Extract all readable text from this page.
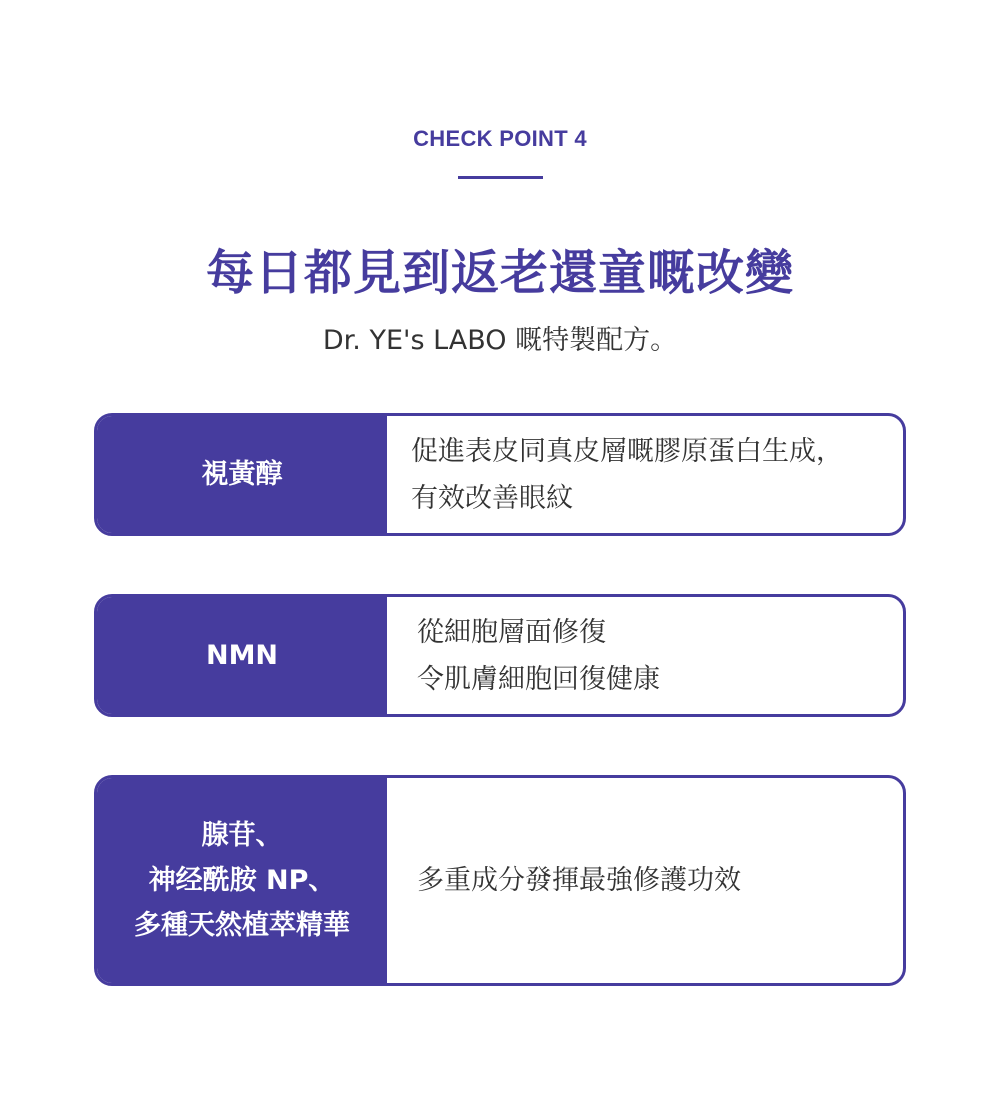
CHECK POINT 4
每日都見到返老還童嘅改變
Dr. YE's LABO 嘅特製配方。
視黃醇
促進表皮同真皮層嘅膠原蛋白生成，
有效改善眼紋
NMN
從細胞層面修復
令肌膚細胞回復健康
腺苷、
神经酰胺 NP、
多種天然植萃精華
多重成分發揮最強修護功效
